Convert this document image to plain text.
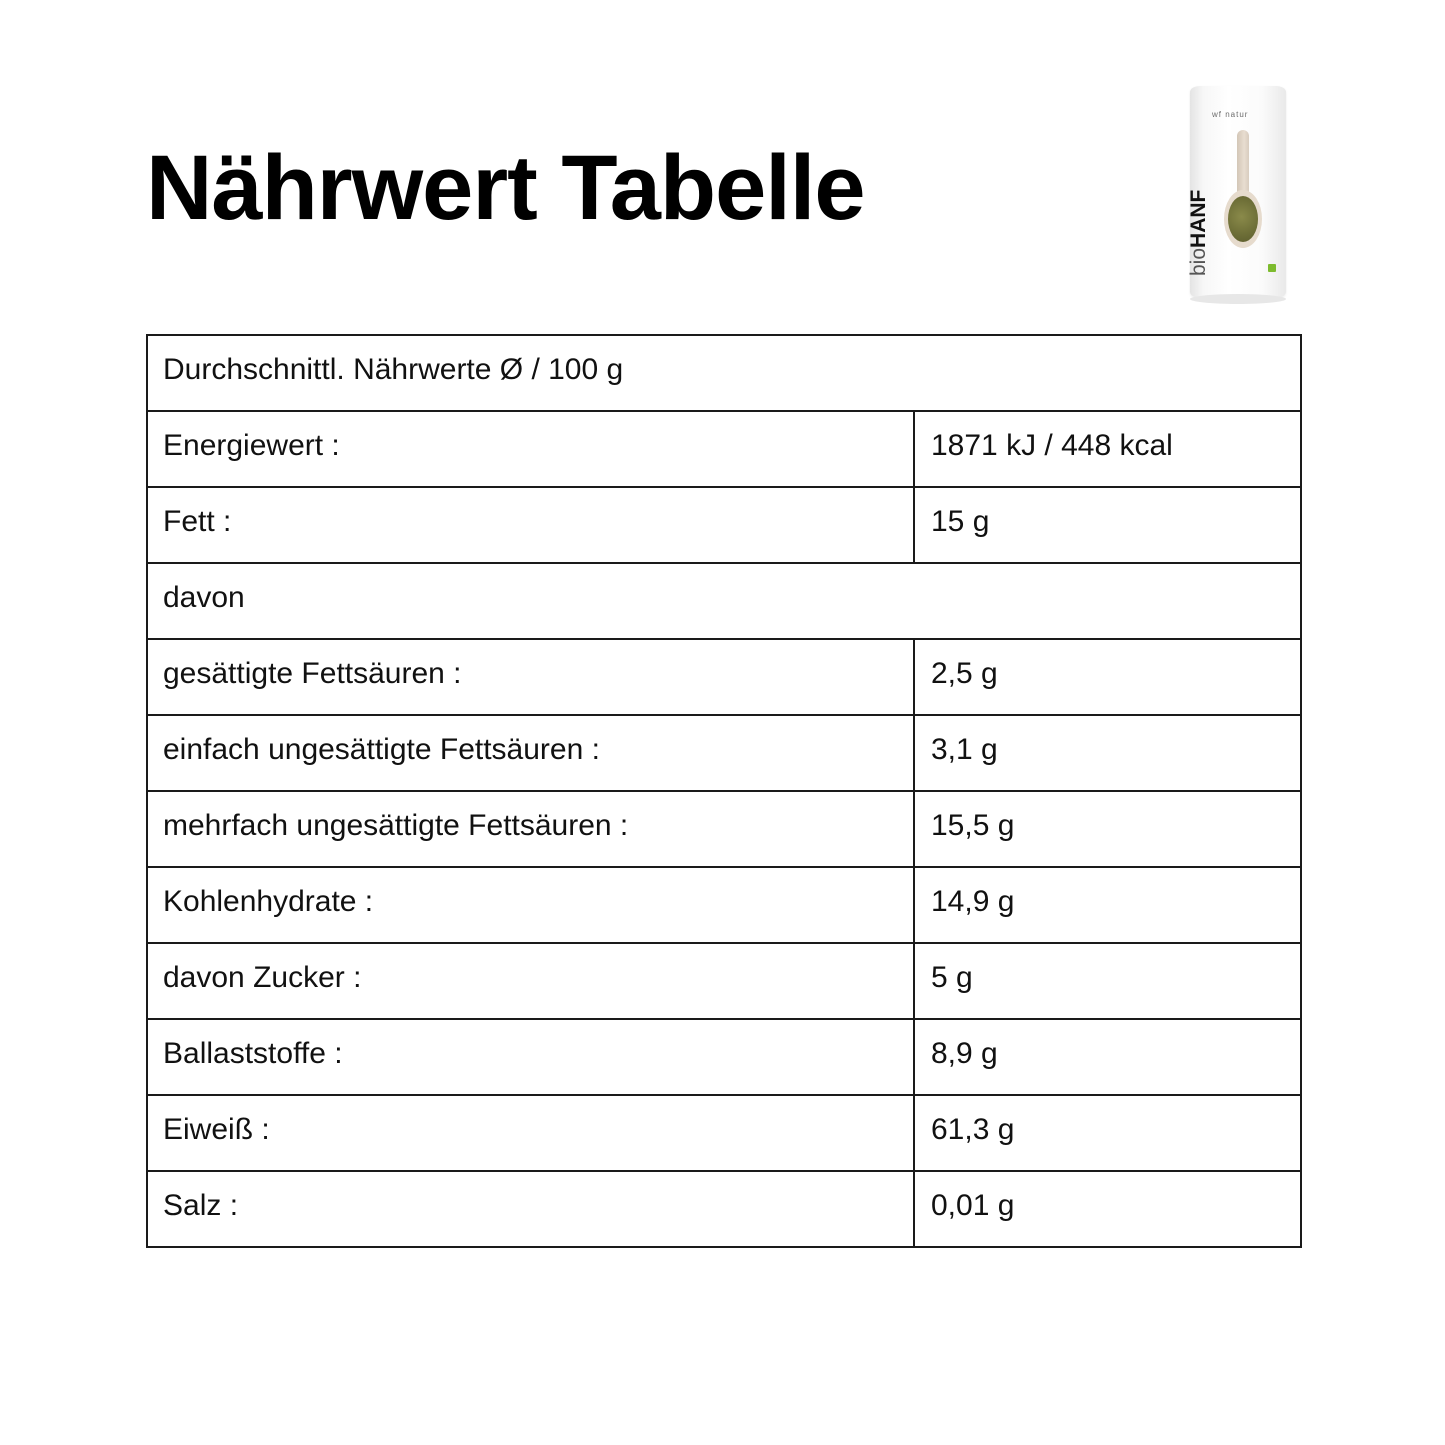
Nährwert Tabelle
wf natur
bioHANF
Durchschnittl. Nährwerte Ø / 100 g	
Energiewert :	1871 kJ / 448 kcal
Fett :	15 g
davon	
gesättigte Fettsäuren :	2,5 g
einfach ungesättigte Fettsäuren :	3,1 g
mehrfach ungesättigte Fettsäuren :	15,5 g
Kohlenhydrate :	14,9 g
davon Zucker :	5 g
Ballaststoffe :	8,9 g
Eiweiß :	61,3 g
Salz :	0,01 g
